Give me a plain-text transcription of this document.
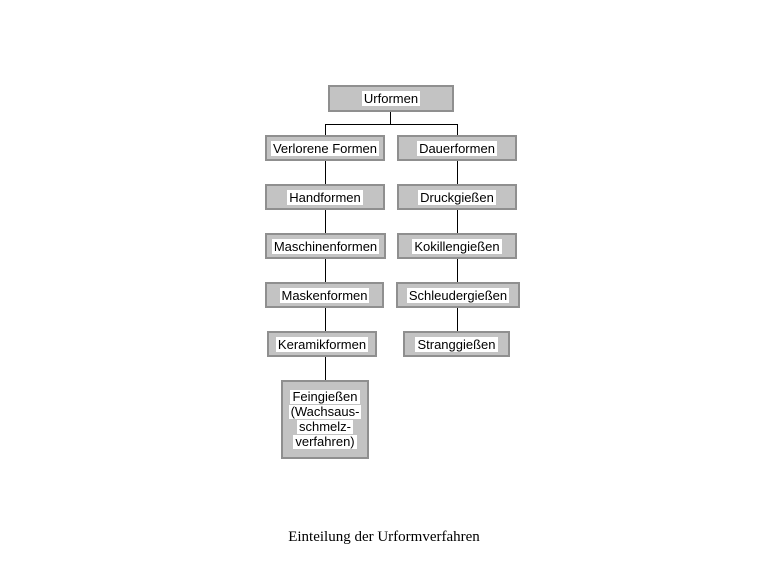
Urformen
Verlorene Formen
Handformen
Maschinenformen
Maskenformen
Keramikformen
Feingießen
(Wachsaus-
schmelz-
verfahren)
Dauerformen
Druckgießen
Kokillengießen
Schleudergießen
Stranggießen
Einteilung der Urformverfahren
